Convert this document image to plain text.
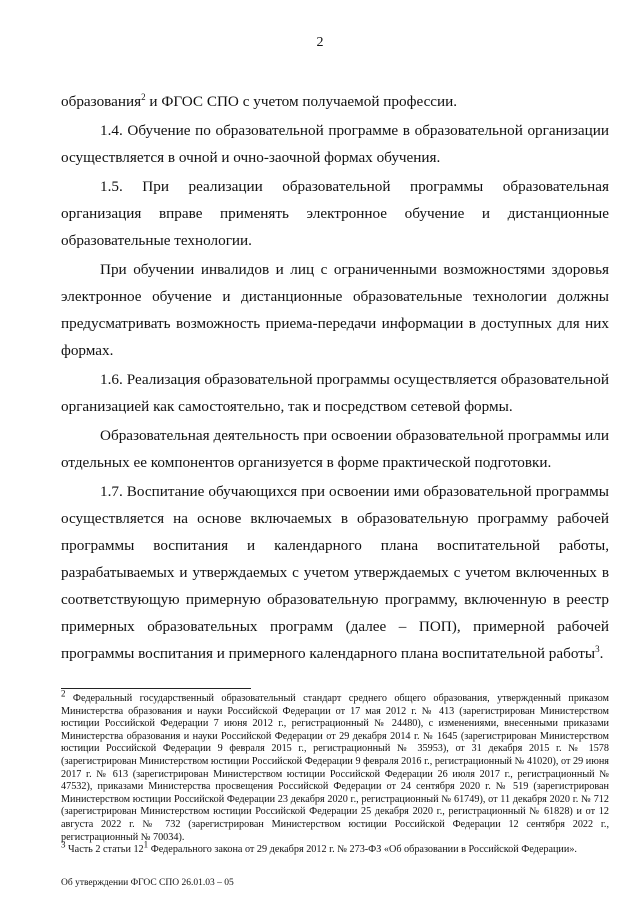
2

образования$^2$ и ФГОС СПО с учетом получаемой профессии.

1.4. Обучение по образовательной программе в образовательной организации осуществляется в очной и очно-заочной формах обучения.

1.5. При реализации образовательной программы образовательная организация вправе применять электронное обучение и дистанционные образовательные технологии.

При обучении инвалидов и лиц с ограниченными возможностями здоровья электронное обучение и дистанционные образовательные технологии должны предусматривать возможность приема-передачи информации в доступных для них формах.

1.6. Реализация образовательной программы осуществляется образовательной организацией как самостоятельно, так и посредством сетевой формы.

Образовательная деятельность при освоении образовательной программы или отдельных ее компонентов организуется в форме практической подготовки.

1.7. Воспитание обучающихся при освоении ими образовательной программы осуществляется на основе включаемых в образовательную программу рабочей программы воспитания и календарного плана воспитательной работы, разрабатываемых и утверждаемых с учетом утверждаемых с учетом включенных в соответствующую примерную образовательную программу, включенную в реестр примерных образовательных программ (далее – ПОП), примерной рабочей программы воспитания и примерного календарного плана воспитательной работы$^3$.

$^2$ Федеральный государственный образовательный стандарт среднего общего образования, утвержденный приказом Министерства образования и науки Российской Федерации от 17 мая 2012 г. № 413 (зарегистрирован Министерством юстиции Российской Федерации 7 июня 2012 г., регистрационный № 24480), с изменениями, внесенными приказами Министерства образования и науки Российской Федерации от 29 декабря 2014 г. № 1645 (зарегистрирован Министерством юстиции Российской Федерации 9 февраля 2015 г., регистрационный № 35953), от 31 декабря 2015 г. № 1578 (зарегистрирован Министерством юстиции Российской Федерации 9 февраля 2016 г., регистрационный № 41020), от 29 июня 2017 г. № 613 (зарегистрирован Министерством юстиции Российской Федерации 26 июля 2017 г., регистрационный № 47532), приказами Министерства просвещения Российской Федерации от 24 сентября 2020 г. № 519 (зарегистрирован Министерством юстиции Российской Федерации 23 декабря 2020 г., регистрационный № 61749), от 11 декабря 2020 г. № 712 (зарегистрирован Министерством юстиции Российской Федерации 25 декабря 2020 г., регистрационный № 61828) и от 12 августа 2022 г. № 732 (зарегистрирован Министерством юстиции Российской Федерации 12 сентября 2022 г., регистрационный № 70034).

$^3$ Часть 2 статьи $12^1$ Федерального закона от 29 декабря 2012 г. № 273-ФЗ «Об образовании в Российской Федерации».

Об утверждении ФГОС СПО 26.01.03 – 05
